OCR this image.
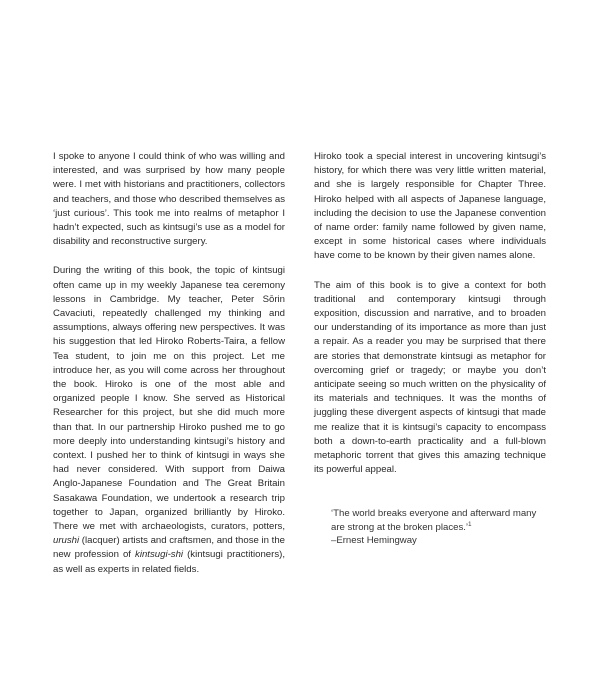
I spoke to anyone I could think of who was willing and interested, and was surprised by how many people were. I met with historians and practitioners, collectors and teachers, and those who described themselves as ‘just curious’. This took me into realms of metaphor I hadn’t expected, such as kintsugi’s use as a model for disability and reconstructive surgery.

During the writing of this book, the topic of kintsugi often came up in my weekly Japanese tea ceremony lessons in Cambridge. My teacher, Peter Sōrin Cavaciuti, repeatedly challenged my thinking and assumptions, always offering new perspectives. It was his suggestion that led Hiroko Roberts-Taira, a fellow Tea student, to join me on this project. Let me introduce her, as you will come across her throughout the book. Hiroko is one of the most able and organized people I know. She served as Historical Researcher for this project, but she did much more than that. In our partnership Hiroko pushed me to go more deeply into understanding kintsugi’s history and context. I pushed her to think of kintsugi in ways she had never considered. With support from Daiwa Anglo-Japanese Foundation and The Great Britain Sasakawa Foundation, we undertook a research trip together to Japan, organized brilliantly by Hiroko. There we met with archaeologists, curators, potters, urushi (lacquer) artists and craftsmen, and those in the new profession of kintsugi-shi (kintsugi practitioners), as well as experts in related fields.

Hiroko took a special interest in uncovering kintsugi’s history, for which there was very little written material, and she is largely responsible for Chapter Three. Hiroko helped with all aspects of Japanese language, including the decision to use the Japanese convention of name order: family name followed by given name, except in some historical cases where individuals have come to be known by their given names alone.

The aim of this book is to give a context for both traditional and contemporary kintsugi through exposition, discussion and narrative, and to broaden our understanding of its importance as more than just a repair. As a reader you may be surprised that there are stories that demonstrate kintsugi as metaphor for overcoming grief or tragedy; or maybe you don’t anticipate seeing so much written on the physicality of its materials and techniques. It was the months of juggling these divergent aspects of kintsugi that made me realize that it is kintsugi’s capacity to encompass both a down-to-earth practicality and a full-blown metaphoric torrent that gives this amazing technique its powerful appeal.

‘The world breaks everyone and afterward many are strong at the broken places.’$^1$
–Ernest Hemingway
